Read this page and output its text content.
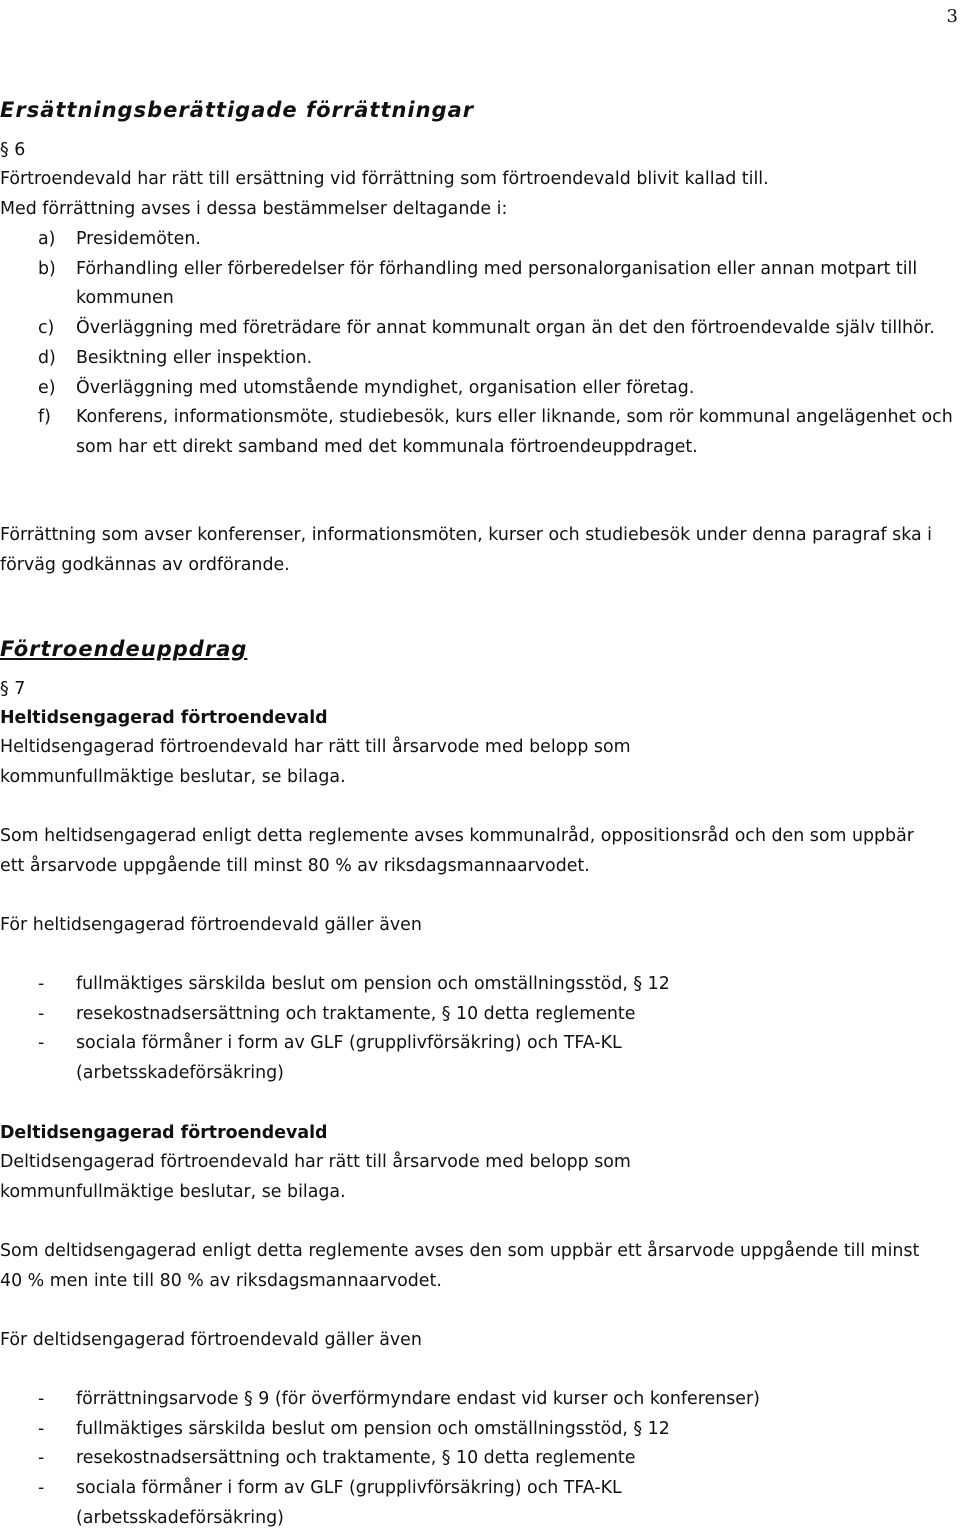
3
Ersättningsberättigade förrättningar
§ 6
Förtroendevald har rätt till ersättning vid förrättning som förtroendevald blivit kallad till.
Med förrättning avses i dessa bestämmelser deltagande i:
a) Presidemöten.
b) Förhandling eller förberedelser för förhandling med personalorganisation eller annan motpart till kommunen
c) Överläggning med företrädare för annat kommunalt organ än det den förtroendevalde själv tillhör.
d) Besiktning eller inspektion.
e) Överläggning med utomstående myndighet, organisation eller företag.
f) Konferens, informationsmöte, studiebesök, kurs eller liknande, som rör kommunal angelägenhet och som har ett direkt samband med det kommunala förtroendeuppdraget.
Förrättning som avser konferenser, informationsmöten, kurser och studiebesök under denna paragraf ska i förväg godkännas av ordförande.
Förtroendeuppdrag
§ 7
Heltidsengagerad förtroendevald
Heltidsengagerad förtroendevald har rätt till årsarvode med belopp som kommunfullmäktige beslutar, se bilaga.
Som heltidsengagerad enligt detta reglemente avses kommunalråd, oppositionsråd och den som uppbär ett årsarvode uppgående till minst 80 % av riksdagsmannaarvodet.
För heltidsengagerad förtroendevald gäller även
- fullmäktiges särskilda beslut om pension och omställningsstöd, § 12
- resekostnadsersättning och traktamente, § 10 detta reglemente
- sociala förmåner i form av GLF (grupplivförsäkring) och TFA-KL (arbetsskadeförsäkring)
Deltidsengagerad förtroendevald
Deltidsengagerad förtroendevald har rätt till årsarvode med belopp som kommunfullmäktige beslutar, se bilaga.
Som deltidsengagerad enligt detta reglemente avses den som uppbär ett årsarvode uppgående till minst 40 % men inte till 80 % av riksdagsmannaarvodet.
För deltidsengagerad förtroendevald gäller även
- förrättningsarvode § 9 (för överförmyndare endast vid kurser och konferenser)
- fullmäktiges särskilda beslut om pension och omställningsstöd, § 12
- resekostnadsersättning och traktamente, § 10 detta reglemente
- sociala förmåner i form av GLF (grupplivförsäkring) och TFA-KL (arbetsskadeförsäkring)
